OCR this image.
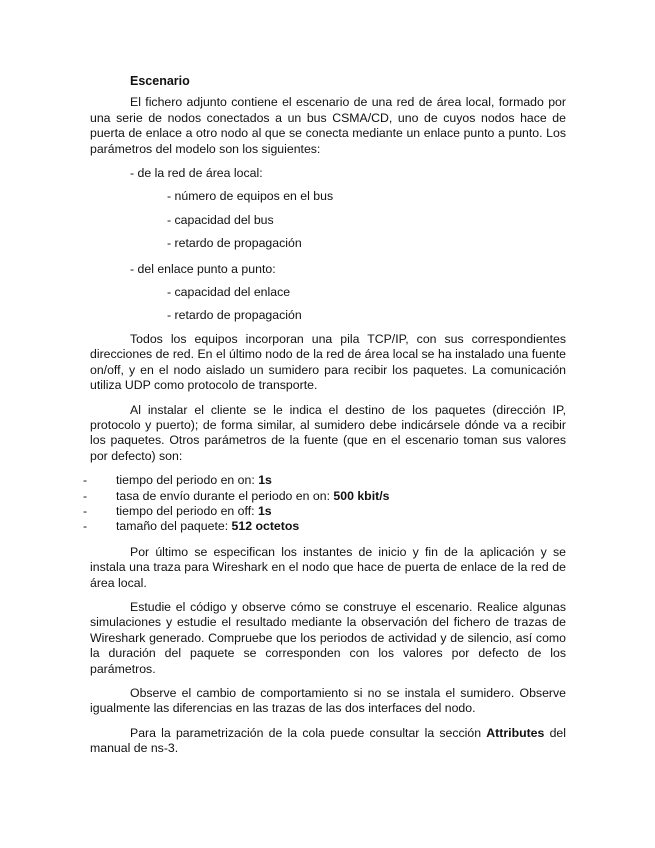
Escenario

El fichero adjunto contiene el escenario de una red de área local, formado por una serie de nodos conectados a un bus CSMA/CD, uno de cuyos nodos hace de puerta de enlace a otro nodo al que se conecta mediante un enlace punto a punto. Los parámetros del modelo son los siguientes:

- de la red de área local:
- número de equipos en el bus
- capacidad del bus
- retardo de propagación
- del enlace punto a punto:
- capacidad del enlace
- retardo de propagación

Todos los equipos incorporan una pila TCP/IP, con sus correspondientes direcciones de red. En el último nodo de la red de área local se ha instalado una fuente on/off, y en el nodo aislado un sumidero para recibir los paquetes. La comunicación utiliza UDP como protocolo de transporte.

Al instalar el cliente se le indica el destino de los paquetes (dirección IP, protocolo y puerto); de forma similar, al sumidero debe indicársele dónde va a recibir los paquetes. Otros parámetros de la fuente (que en el escenario toman sus valores por defecto) son:

- tiempo del periodo en on: 1s
- tasa de envío durante el periodo en on: 500 kbit/s
- tiempo del periodo en off: 1s
- tamaño del paquete: 512 octetos

Por último se especifican los instantes de inicio y fin de la aplicación y se instala una traza para Wireshark en el nodo que hace de puerta de enlace de la red de área local.

Estudie el código y observe cómo se construye el escenario. Realice algunas simulaciones y estudie el resultado mediante la observación del fichero de trazas de Wireshark generado. Compruebe que los periodos de actividad y de silencio, así como la duración del paquete se corresponden con los valores por defecto de los parámetros.

Observe el cambio de comportamiento si no se instala el sumidero. Observe igualmente las diferencias en las trazas de las dos interfaces del nodo.

Para la parametrización de la cola puede consultar la sección Attributes del manual de ns-3.
